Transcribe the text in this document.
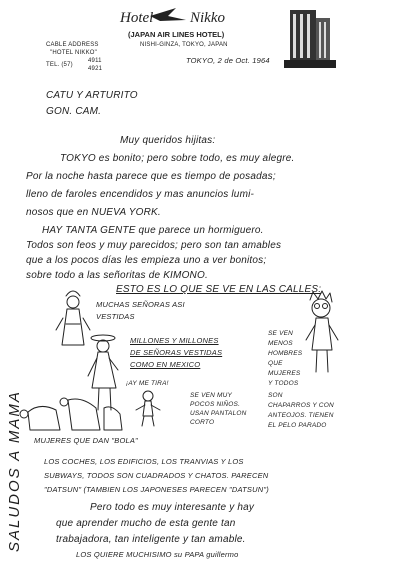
CABLE ADDRESS
"HOTEL NIKKO"
TEL. (57)
4911
4921
Hotel Nikko
(JAPAN AIR LINES HOTEL)
NISHI-GINZA, TOKYO, JAPAN
TOKYO, 2 de Oct. 1964
CATU Y ARTURITO
GON. CAM.
Muy queridos hijitas:
TOKYO es bonito; pero sobre todo, es muy alegre.
Por la noche hasta parece que es tiempo de posadas;
lleno de faroles encendidos y mas anuncios lumi-
nosos que en NUEVA YORK.
HAY TANTA GENTE que parece un hormiguero.
Todos son feos y muy parecidos; pero son tan amables
que a los pocos días les empieza uno a ver bonitos;
sobre todo a las señoritas de KIMONO.
ESTO ES LO QUE SE VE EN LAS CALLES:
MUCHAS SEÑORAS ASI
VESTIDAS
MILLONES Y MILLONES
DE SEÑORAS VESTIDAS
COMO EN MEXICO
SE VEN
MENOS
HOMBRES
QUE
MUJERES
Y TODOS
SON
CHAPARROS Y CON
ANTEOJOS. TIENEN
EL PELO PARADO
¡AY ME TIRA!
SE VEN MUY
POCOS NIÑOS.
USAN PANTALON
CORTO
MUJERES QUE DAN "BOLA"
LOS COCHES, LOS EDIFICIOS, LOS TRANVIAS Y LOS
SUBWAYS, TODOS SON CUADRADOS Y CHATOS. PARECEN
"DATSUN" (TAMBIEN LOS JAPONESES PARECEN "DATSUN")
Pero todo es muy interesante y hay
que aprender mucho de esta gente tan
trabajadora, tan inteligente y tan amable.
LOS QUIERE MUCHISIMO su PAPA guillermo
SALUDOS A MAMA
